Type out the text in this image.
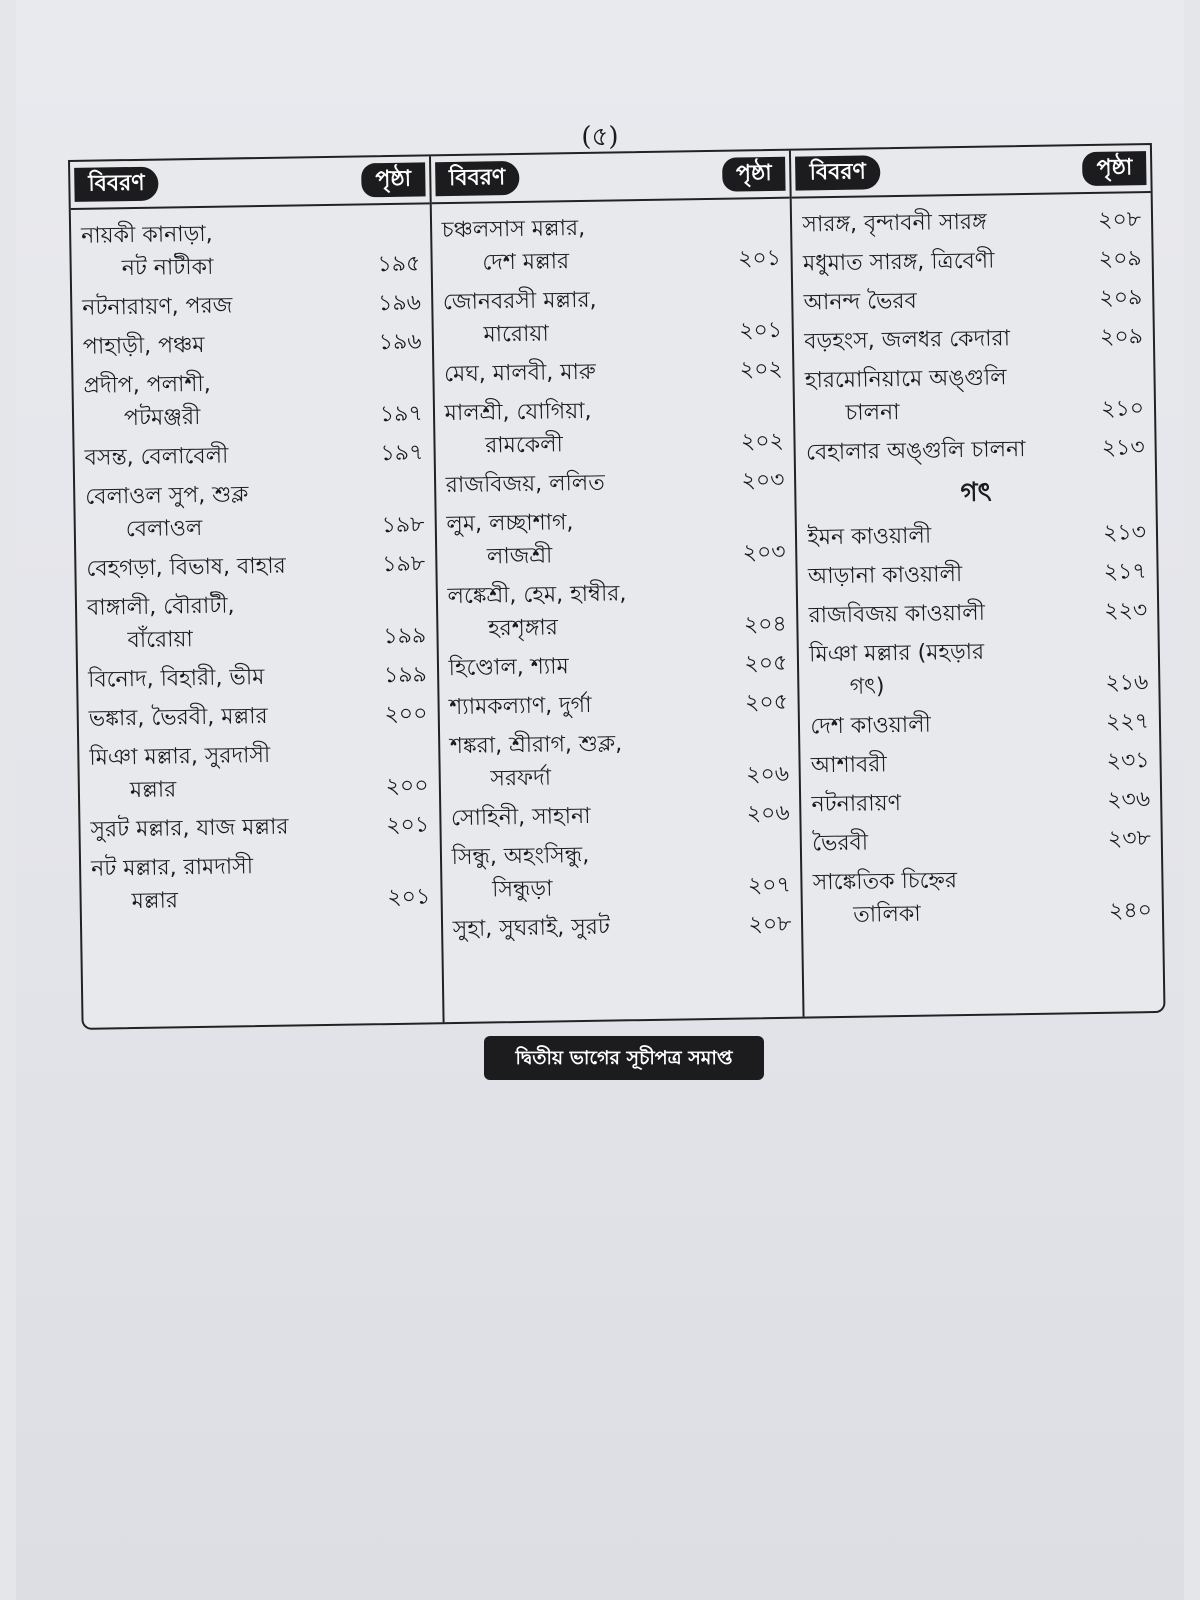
(৫)
বিবরণ	পৃষ্ঠা
নায়কী কানাড়া,
নট নাটীকা	১৯৫
নটনারায়ণ, পরজ	১৯৬
পাহাড়ী, পঞ্চম	১৯৬
প্রদীপ, পলাশী,
পটমঞ্জরী	১৯৭
বসন্ত, বেলাবেলী	১৯৭
বেলাওল সুপ, শুক্ল
বেলাওল	১৯৮
বেহগড়া, বিভাষ, বাহার	১৯৮
বাঙ্গালী, বৌরাটী,
বাঁরোয়া	১৯৯
বিনোদ, বিহারী, ভীম	১৯৯
ভঙ্কার, ভৈরবী, মল্লার	২০০
মিঞা মল্লার, সুরদাসী
মল্লার	২০০
সুরট মল্লার, যাজ মল্লার	২০১
নট মল্লার, রামদাসী
মল্লার	২০১
বিবরণ	পৃষ্ঠা
চঞ্চলসাস মল্লার,
দেশ মল্লার	২০১
জোনবরসী মল্লার,
মারোয়া	২০১
মেঘ, মালবী, মারু	২০২
মালশ্রী, যোগিয়া,
রামকেলী	২০২
রাজবিজয়, ললিত	২০৩
লুম, লচ্ছাশাগ,
লাজশ্রী	২০৩
লঙ্কেশ্রী, হেম, হাম্বীর,
হরশৃঙ্গার	২০৪
হিণ্ডোল, শ্যাম	২০৫
শ্যামকল্যাণ, দুর্গা	২০৫
শঙ্করা, শ্রীরাগ, শুক্ল,
সরফর্দা	২০৬
সোহিনী, সাহানা	২০৬
সিন্ধু, অহংসিন্ধু,
সিন্ধুড়া	২০৭
সুহা, সুঘরাই, সুরট	২০৮
বিবরণ	পৃষ্ঠা
সারঙ্গ, বৃন্দাবনী সারঙ্গ	২০৮
মধুমাত সারঙ্গ, ত্রিবেণী	২০৯
আনন্দ ভৈরব	২০৯
বড়হংস, জলধর কেদারা	২০৯
হারমোনিয়ামে অঙ্গুলি
চালনা	২১০
বেহালার অঙ্গুলি চালনা	২১৩
গৎ
ইমন কাওয়ালী	২১৩
আড়ানা কাওয়ালী	২১৭
রাজবিজয় কাওয়ালী	২২৩
মিঞা মল্লার (মহড়ার
গৎ)	২১৬
দেশ কাওয়ালী	২২৭
আশাবরী	২৩১
নটনারায়ণ	২৩৬
ভৈরবী	২৩৮
সাঙ্কেতিক চিহ্নের
তালিকা	২৪০
দ্বিতীয় ভাগের সূচীপত্র সমাপ্ত
